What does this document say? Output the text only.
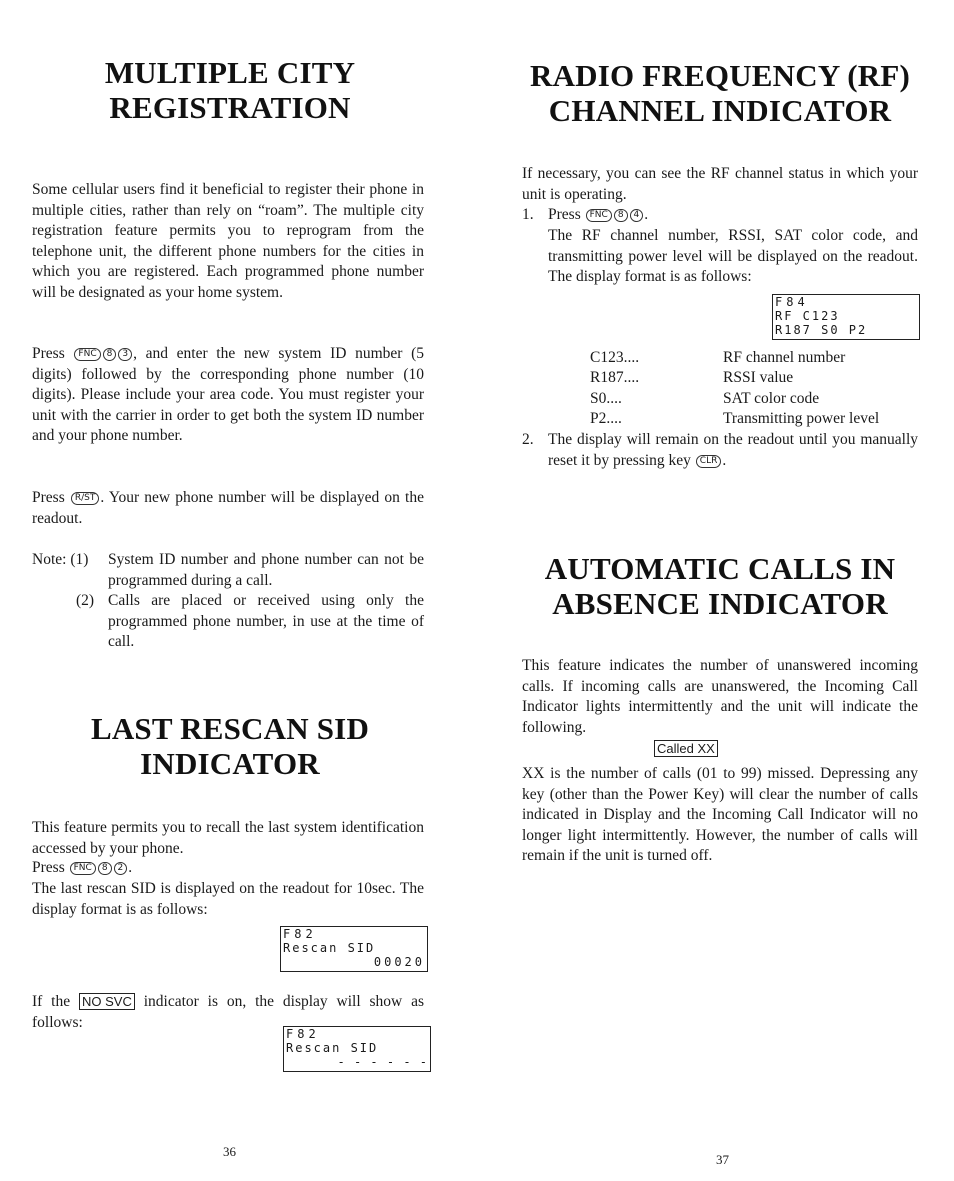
MULTIPLE CITY
REGISTRATION
Some cellular users find it beneficial to register their phone in multiple cities, rather than rely on “roam”. The multiple city registration feature permits you to reprogram from the telephone unit, the different phone numbers for the cities in which you are registered. Each programmed phone number will be designated as your home system.
Press FNC 8 3 , and enter the new system ID number (5 digits) followed by the corresponding phone number (10 digits). Please include your area code. You must register your unit with the carrier in order to get both the system ID number and your phone number.
Press R/ST . Your new phone number will be displayed on the readout.
Note: (1)	System ID number and phone number can not be programmed during a call.
(2) Calls are placed or received using only the programmed phone number, in use at the time of call.
LAST RESCAN SID
INDICATOR
This feature permits you to recall the last system identification accessed by your phone.
Press FNC 8 2 .
The last rescan SID is displayed on the readout for 10sec. The display format is as follows:
F82
Rescan SID
00020
If the NO SVC indicator is on, the display will show as follows:
F82
Rescan SID
- - - - - -
36
RADIO FREQUENCY (RF)
CHANNEL INDICATOR
If necessary, you can see the RF channel status in which your unit is operating.
1. Press FNC 8 4 .
The RF channel number, RSSI, SAT color code, and transmitting power level will be displayed on the readout. The display format is as follows:
F84
RF C123
R187 S0 P2
C123....	RF channel number
R187....	RSSI value
S0....	SAT color code
P2....	Transmitting power level
2. The display will remain on the readout until you manually reset it by pressing key CLR .
AUTOMATIC CALLS IN
ABSENCE INDICATOR
This feature indicates the number of unanswered incoming calls. If incoming calls are unanswered, the Incoming Call Indicator lights intermittently and the unit will indicate the following.
Called XX
XX is the number of calls (01 to 99) missed. Depressing any key (other than the Power Key) will clear the number of calls indicated in Display and the Incoming Call Indicator will no longer light intermittently. However, the number of calls will remain if the unit is turned off.
37
